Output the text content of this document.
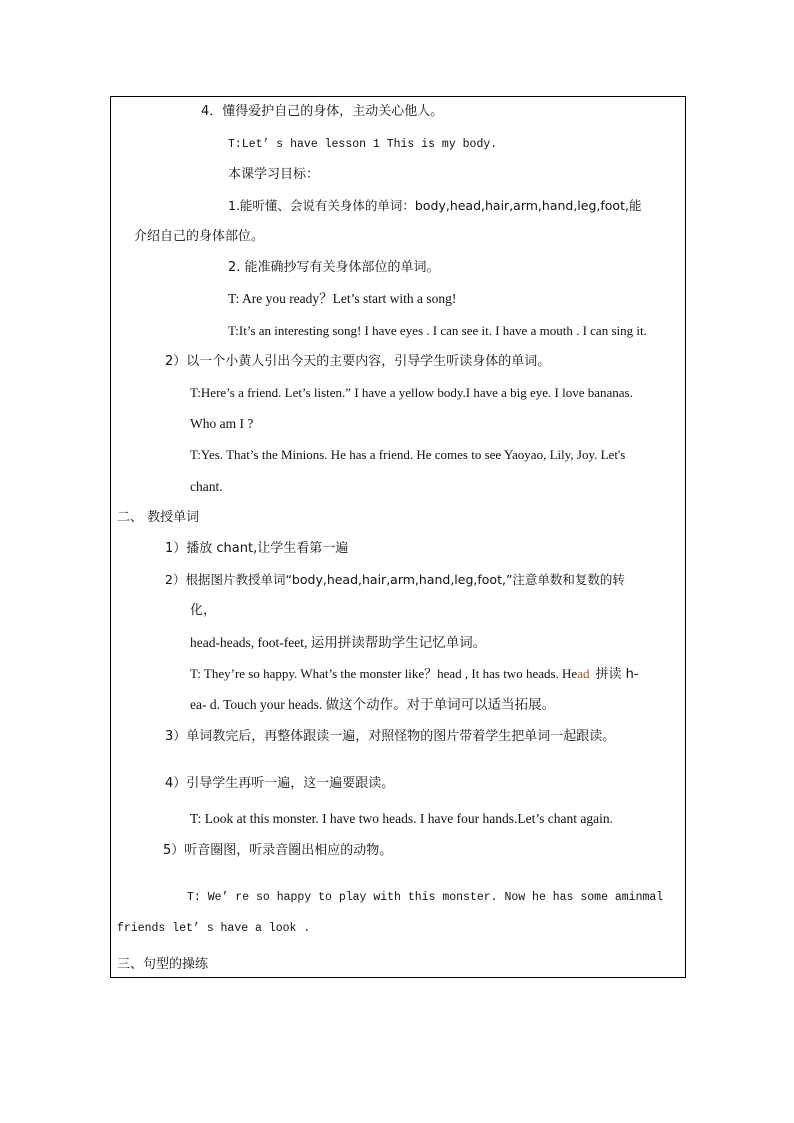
4．懂得爱护自己的身体，主动关心他人。
T:Let’ s have lesson 1 This is my body.
本课学习目标：
1.能听懂、会说有关身体的单词：body,head,hair,arm,hand,leg,foot,能
介绍自己的身体部位。
2. 能准确抄写有关身体部位的单词。
T: Are you ready？Let’s start with a song!
T:It’s an interesting song! I have eyes . I can see it. I have a mouth . I can sing it.
2）以一个小黄人引出今天的主要内容，引导学生听读身体的单词。
T:Here’s a friend. Let’s listen.” I have a yellow body.I have a big eye. I love bananas.
Who am I ?
T:Yes. That’s the Minions. He has a friend. He comes to see Yaoyao, Lily, Joy. Let's
chant.
二、 教授单词
1）播放 chant,让学生看第一遍
2）根据图片教授单词“body,head,hair,arm,hand,leg,foot,”注意单数和复数的转
化，
head-heads, foot-feet, 运用拼读帮助学生记忆单词。
T: They’re so happy. What’s the monster like？head , It has two heads. Head 拼读 h-
ea- d. Touch your heads. 做这个动作。对于单词可以适当拓展。
3）单词教完后，再整体跟读一遍，对照怪物的图片带着学生把单词一起跟读。
4）引导学生再听一遍，这一遍要跟读。
T: Look at this monster. I have two heads. I have four hands.Let’s chant again.
5）听音圈图，听录音圈出相应的动物。
T: We’ re so happy to play with this monster. Now he has some aminmal
friends let’ s have a look .
三、句型的操练
